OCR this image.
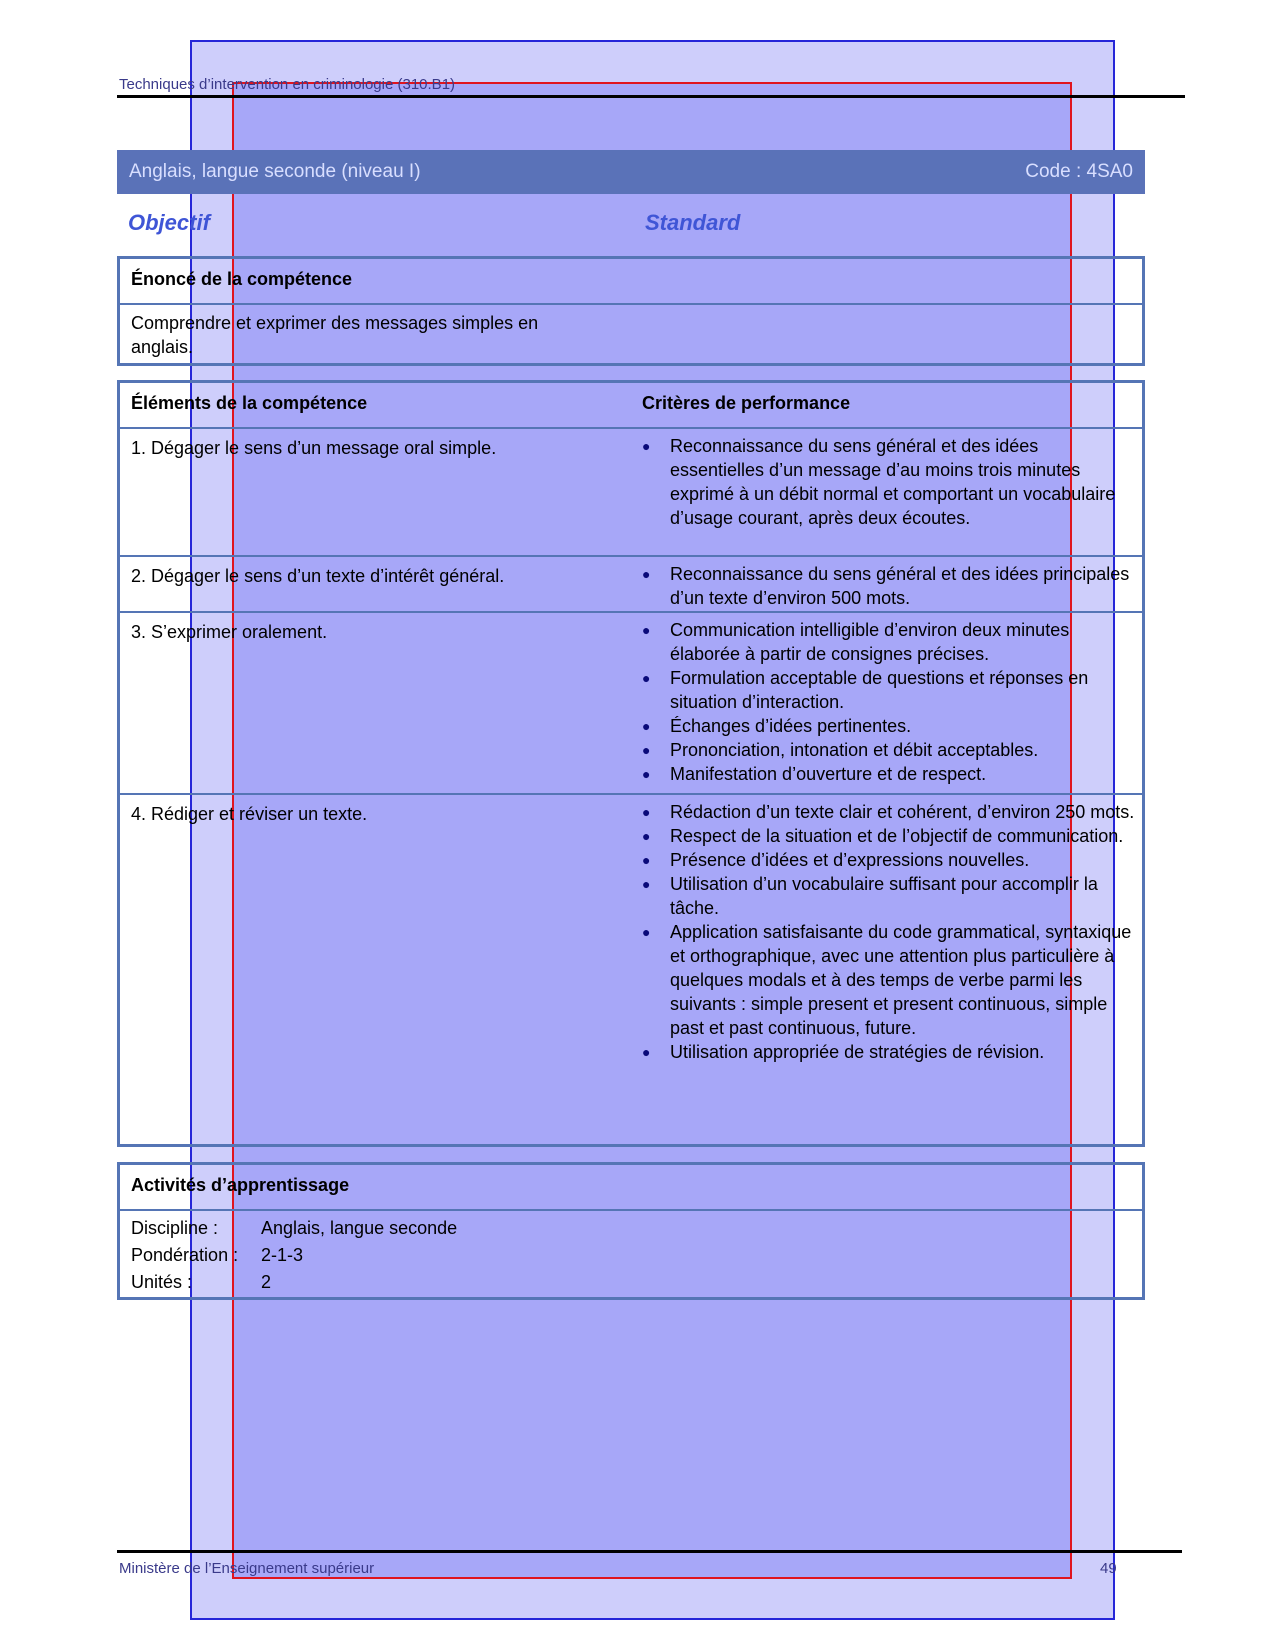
Techniques d’intervention en criminologie (310.B1)
Anglais, langue seconde (niveau I)	Code : 4SA0
Objectif	Standard
Énoncé de la compétence
Comprendre et exprimer des messages simples en anglais.
Éléments de la compétence	Critères de performance
1. Dégager le sens d’un message oral simple.	●	Reconnaissance du sens général et des idées essentielles d’un message d’au moins trois minutes exprimé à un débit normal et comportant un vocabulaire d’usage courant, après deux écoutes.
2. Dégager le sens d’un texte d’intérêt général.	●	Reconnaissance du sens général et des idées principales d’un texte d’environ 500 mots.
3. S’exprimer oralement.	●	Communication intelligible d’environ deux minutes élaborée à partir de consignes précises.
●	Formulation acceptable de questions et réponses en situation d’interaction.
●	Échanges d’idées pertinentes.
●	Prononciation, intonation et débit acceptables.
●	Manifestation d’ouverture et de respect.
4. Rédiger et réviser un texte.	●	Rédaction d’un texte clair et cohérent, d’environ 250 mots.
●	Respect de la situation et de l’objectif de communication.
●	Présence d’idées et d’expressions nouvelles.
●	Utilisation d’un vocabulaire suffisant pour accomplir la tâche.
●	Application satisfaisante du code grammatical, syntaxique et orthographique, avec une attention plus particulière à quelques modals et à des temps de verbe parmi les suivants : simple present et present continuous, simple past et past continuous, future.
●	Utilisation appropriée de stratégies de révision.
Activités d’apprentissage
Discipline : Anglais, langue seconde
Pondération : 2-1-3
Unités :	2
Ministère de l’Enseignement supérieur	49
